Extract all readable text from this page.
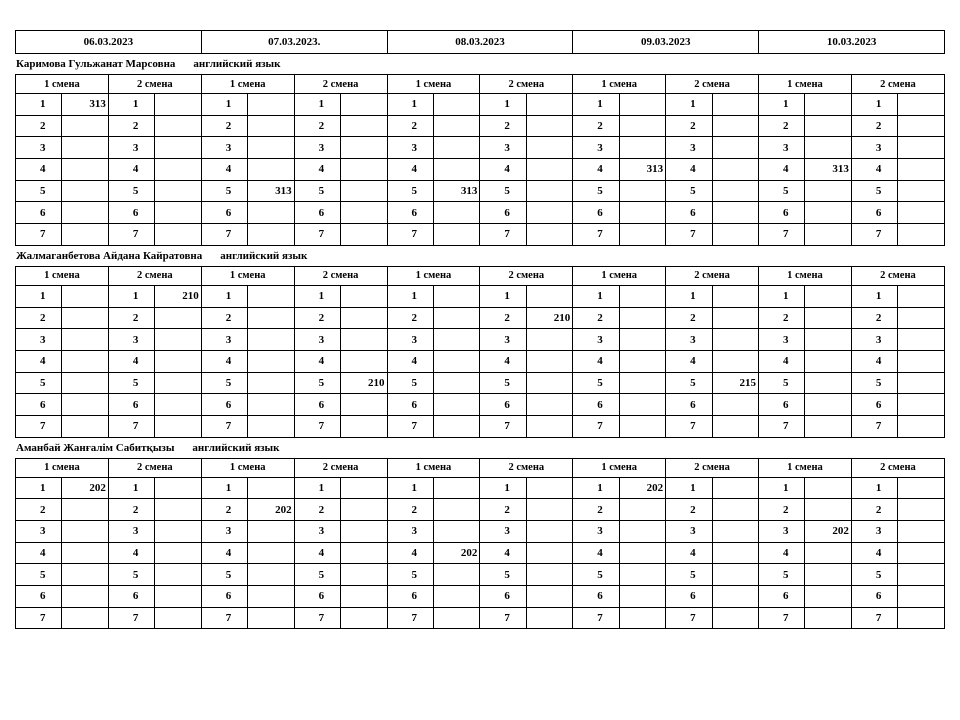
06.03.2023	07.03.2023.	08.03.2023	09.03.2023	10.03.2023
Каримова Гульжанат Марсовна английский язык
1 смена		2 смена		1 смена		2 смена		1 смена		2 смена		1 смена		2 смена		1 смена		2 смена	
1	313	1		1		1		1		1		1		1		1		1	
2		2		2		2		2		2		2		2		2		2	
3		3		3		3		3		3		3		3		3		3	
4		4		4		4		4		4		4	313	4		4	313	4	
5		5		5	313	5		5	313	5		5		5		5		5	
6		6		6		6		6		6		6		6		6		6	
7		7		7		7		7		7		7		7		7		7	
Жалмаганбетова Айдана Кайратовна английский язык
1 смена		2 смена		1 смена		2 смена		1 смена		2 смена		1 смена		2 смена		1 смена		2 смена	
1		1	210	1		1		1		1		1		1		1		1	
2		2		2		2		2		2	210	2		2		2		2	
3		3		3		3		3		3		3		3		3		3	
4		4		4		4		4		4		4		4		4		4	
5		5		5		5	210	5		5		5		5	215	5		5	
6		6		6		6		6		6		6		6		6		6	
7		7		7		7		7		7		7		7		7		7	
Аманбай Жанғалім Сабитқызы английский язык
1 смена		2 смена		1 смена		2 смена		1 смена		2 смена		1 смена		2 смена		1 смена		2 смена	
1	202	1		1		1		1		1		1	202	1		1		1	
2		2		2	202	2		2		2		2		2		2		2	
3		3		3		3		3		3		3		3		3	202	3	
4		4		4		4		4	202	4		4		4		4		4	
5		5		5		5		5		5		5		5		5		5	
6		6		6		6		6		6		6		6		6		6	
7		7		7		7		7		7		7		7		7		7	
